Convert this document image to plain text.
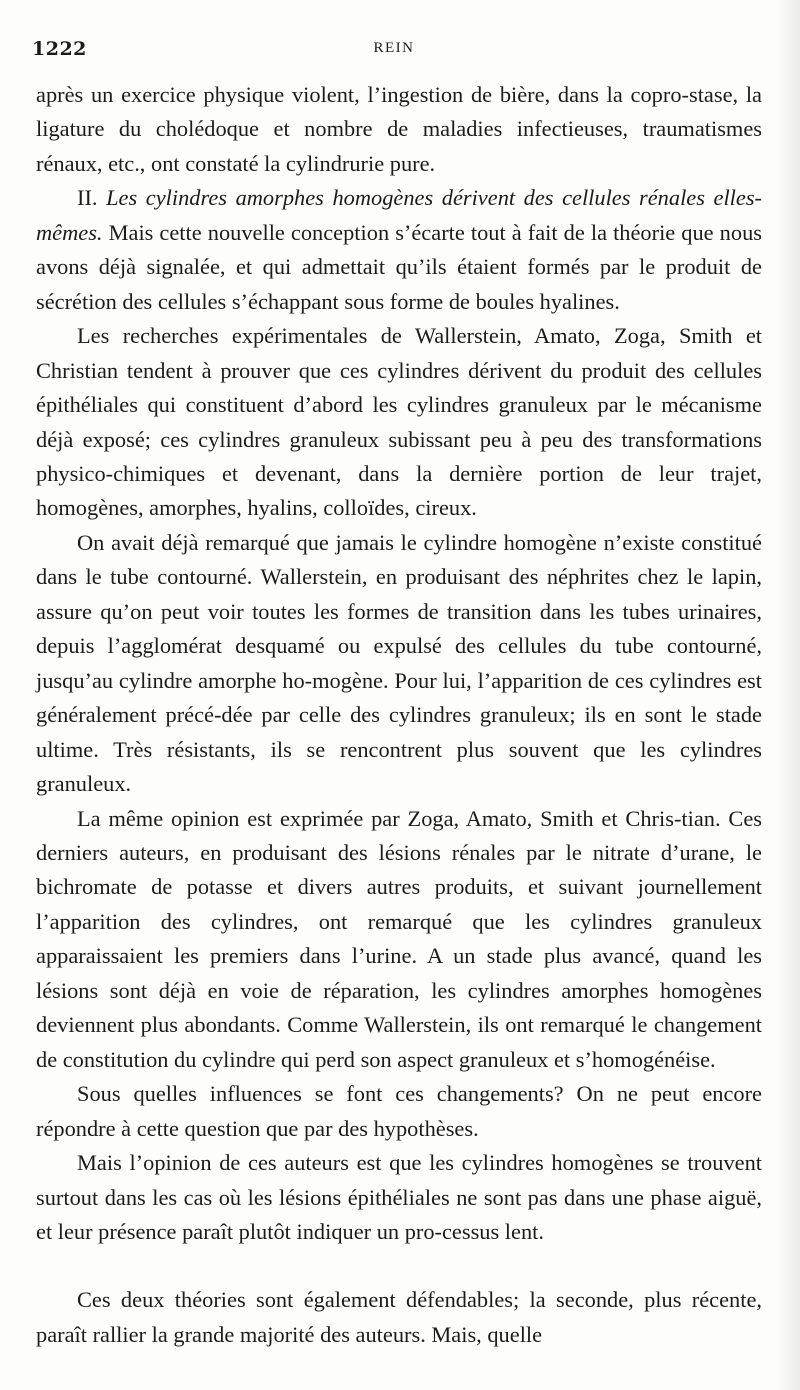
1222	REIN

après un exercice physique violent, l’ingestion de bière, dans la copro-stase, la ligature du cholédoque et nombre de maladies infectieuses, traumatismes rénaux, etc., ont constaté la cylindrurie pure.

II. Les cylindres amorphes homogènes dérivent des cellules rénales elles-mêmes. Mais cette nouvelle conception s’écarte tout à fait de la théorie que nous avons déjà signalée, et qui admettait qu’ils étaient formés par le produit de sécrétion des cellules s’échappant sous forme de boules hyalines.

Les recherches expérimentales de Wallerstein, Amato, Zoga, Smith et Christian tendent à prouver que ces cylindres dérivent du produit des cellules épithéliales qui constituent d’abord les cylindres granuleux par le mécanisme déjà exposé; ces cylindres granuleux subissant peu à peu des transformations physico-chimiques et devenant, dans la dernière portion de leur trajet, homogènes, amorphes, hyalins, colloïdes, cireux.

On avait déjà remarqué que jamais le cylindre homogène n’existe constitué dans le tube contourné. Wallerstein, en produisant des néphrites chez le lapin, assure qu’on peut voir toutes les formes de transition dans les tubes urinaires, depuis l’agglomérat desquamé ou expulsé des cellules du tube contourné, jusqu’au cylindre amorphe ho-mogène. Pour lui, l’apparition de ces cylindres est généralement précé-dée par celle des cylindres granuleux; ils en sont le stade ultime. Très résistants, ils se rencontrent plus souvent que les cylindres granuleux.

La même opinion est exprimée par Zoga, Amato, Smith et Chris-tian. Ces derniers auteurs, en produisant des lésions rénales par le nitrate d’urane, le bichromate de potasse et divers autres produits, et suivant journellement l’apparition des cylindres, ont remarqué que les cylindres granuleux apparaissaient les premiers dans l’urine. A un stade plus avancé, quand les lésions sont déjà en voie de réparation, les cylindres amorphes homogènes deviennent plus abondants. Comme Wallerstein, ils ont remarqué le changement de constitution du cylindre qui perd son aspect granuleux et s’homogénéise.

Sous quelles influences se font ces changements? On ne peut encore répondre à cette question que par des hypothèses.

Mais l’opinion de ces auteurs est que les cylindres homogènes se trouvent surtout dans les cas où les lésions épithéliales ne sont pas dans une phase aiguë, et leur présence paraît plutôt indiquer un pro-cessus lent.

Ces deux théories sont également défendables; la seconde, plus récente, paraît rallier la grande majorité des auteurs. Mais, quelle
